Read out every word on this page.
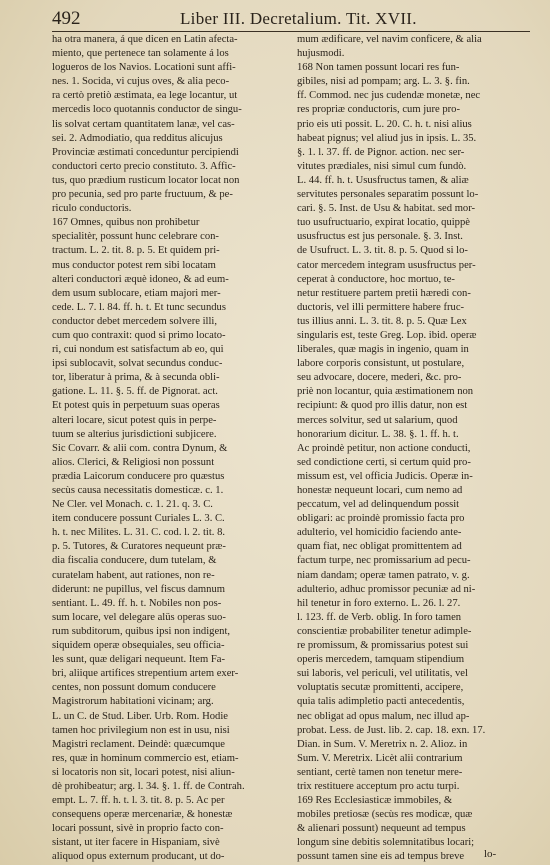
492	Liber III. Decretalium. Tit. XVII.
ha otra manera, á que dicen en Latin afecta-
miento, que pertenece tan solamente á los
logueros de los Navios. Locationi sunt affi-
nes. 1. Socida, vi cujus oves, & alia peco-
ra certò pretiò æstimata, ea lege locantur, ut
mercedis loco quotannis conductor de singu-
lis solvat certam quantitatem lanæ, vel cas-
sei. 2. Admodiatio, qua redditus alicujus
Provinciæ æstimati conceduntur percipiendi
conductori certo precio constituto. 3. Affic-
tus, quo prædium rusticum locator locat non
pro pecunia, sed pro parte fructuum, & pe-
riculo conductoris.
167 Omnes, quibus non prohibetur
specialitèr, possunt hunc celebrare con-
tractum. L. 2. tit. 8. p. 5. Et quidem pri-
mus conductor potest rem sibi locatam
alteri conductori æquè idoneo, & ad eum-
dem usum sublocare, etiam majori mer-
cede. L. 7. l. 84. ff. h. t. Et tunc secundus
conductor debet mercedem solvere illi,
cum quo contraxit: quod si primo locato-
ri, cui nondum est satisfactum ab eo, qui
ipsi sublocavit, solvat secundus conduc-
tor, liberatur à prima, & à secunda obli-
gatione. L. 11. §. 5. ff. de Pignorat. act.
Et potest quis in perpetuum suas operas
alteri locare, sicut potest quis in perpe-
tuum se alterius jurisdictioni subjicere.
Sic Covarr. & alii com. contra Dynum, &
alios. Clerici, & Religiosi non possunt
prædia Laicorum conducere pro quæstus
secùs causa necessitatis domesticæ. c. 1.
Ne Cler. vel Monach. c. 1. 21. q. 3. C.
item conducere possunt Curiales L. 3. C.
h. t. nec Milites. L. 31. C. cod. l. 2. tit. 8.
p. 5. Tutores, & Curatores nequeunt præ-
dia fiscalia conducere, dum tutelam, &
curatelam habent, aut rationes, non re-
diderunt: ne pupillus, vel fiscus damnum
sentiant. L. 49. ff. h. t. Nobiles non pos-
sum locare, vel delegare alüs operas suo-
rum subditorum, quibus ipsi non indigent,
siquidem operæ obsequiales, seu officia-
les sunt, quæ deligari nequeunt. Item Fa-
bri, aliique artifices strepentium artem exer-
centes, non possunt domum conducere
Magistrorum habitationi vicinam; arg.
L. un C. de Stud. Liber. Urb. Rom. Hodie
tamen hoc privilegium non est in usu, nisi
Magistri reclament. Deindè: quæcumque
res, quæ in hominum commercio est, etiam-
si locatoris non sit, locari potest, nisi aliun-
dè prohibeatur; arg. l. 34. §. 1. ff. de Contrah.
empt. L. 7. ff. h. t. l. 3. tit. 8. p. 5. Ac per
consequens operæ mercenariæ, & honestæ
locari possunt, sivè in proprio facto con-
sistant, ut iter facere in Hispaniam, sivè
aliquod opus externum producant, ut do-
mum ædificare, vel navim conficere, & alia
hujusmodi.
168 Non tamen possunt locari res fun-
gibiles, nisi ad pompam; arg. L. 3. §. fin.
ff. Commod. nec jus cudendæ monetæ, nec
res propriæ conductoris, cum jure pro-
prio eis uti possit. L. 20. C. h. t. nisi alius
habeat pignus; vel aliud jus in ipsis. L. 35.
§. 1. l. 37. ff. de Pignor. action. nec ser-
vitutes prædiales, nisi simul cum fundò.
L. 44. ff. h. t. Ususfructus tamen, & aliæ
servitutes personales separatim possunt lo-
cari. §. 5. Inst. de Usu & habitat. sed mor-
tuo usufructuario, expirat locatio, quippè
ususfructus est jus personale. §. 3. Inst.
de Usufruct. L. 3. tit. 8. p. 5. Quod si lo-
cator mercedem integram ususfructus per-
ceperat à conductore, hoc mortuo, te-
netur restituere partem pretii hæredi con-
ductoris, vel illi permittere habere fruc-
tus illius anni. L. 3. tit. 8. p. 5. Quæ Lex
singularis est, teste Greg. Lop. ibid. operæ
liberales, quæ magis in ingenio, quam in
labore corporis consistunt, ut postulare,
seu advocare, docere, mederi, &c. pro-
priè non locantur, quia æstimationem non
recipiunt: & quod pro illis datur, non est
merces solvitur, sed ut salarium, quod
honorarium dicitur. L. 38. §. 1. ff. h. t.
Ac proindè petitur, non actione conducti,
sed condictione certi, si certum quid pro-
missum est, vel officia Judicis. Operæ in-
honestæ nequeunt locari, cum nemo ad
peccatum, vel ad delinquendum possit
obligari: ac proindè promissio facta pro
adulterio, vel homicidio faciendo ante-
quam fiat, nec obligat promittentem ad
factum turpe, nec promissarium ad pecu-
niam dandam; operæ tamen patrato, v. g.
adulterio, adhuc promissor pecuniæ ad ni-
hil tenetur in foro externo. L. 26. l. 27.
l. 123. ff. de Verb. oblig. In foro tamen
conscientiæ probabiliter tenetur adimple-
re promissum, & promissarius potest sui
operis mercedem, tamquam stipendium
sui laboris, vel periculi, vel utilitatis, vel
voluptatis secutæ promittenti, accipere,
quia talis adimpletio pacti antecedentis,
nec obligat ad opus malum, nec illud ap-
probat. Less. de Just. lib. 2. cap. 18. exn. 17.
Dian. in Sum. V. Meretrix n. 2. Alioz. in
Sum. V. Meretrix. Licèt alii contrarium
sentiant, certè tamen non tenetur mere-
trix restituere acceptum pro actu turpi.
169 Res Ecclesiasticæ immobiles, &
mobiles pretiosæ (secùs res modicæ, quæ
& alienari possunt) nequeunt ad tempus
longum sine debitis solemnitatibus locari;
possunt tamen sine eis ad tempus breve	lo-
